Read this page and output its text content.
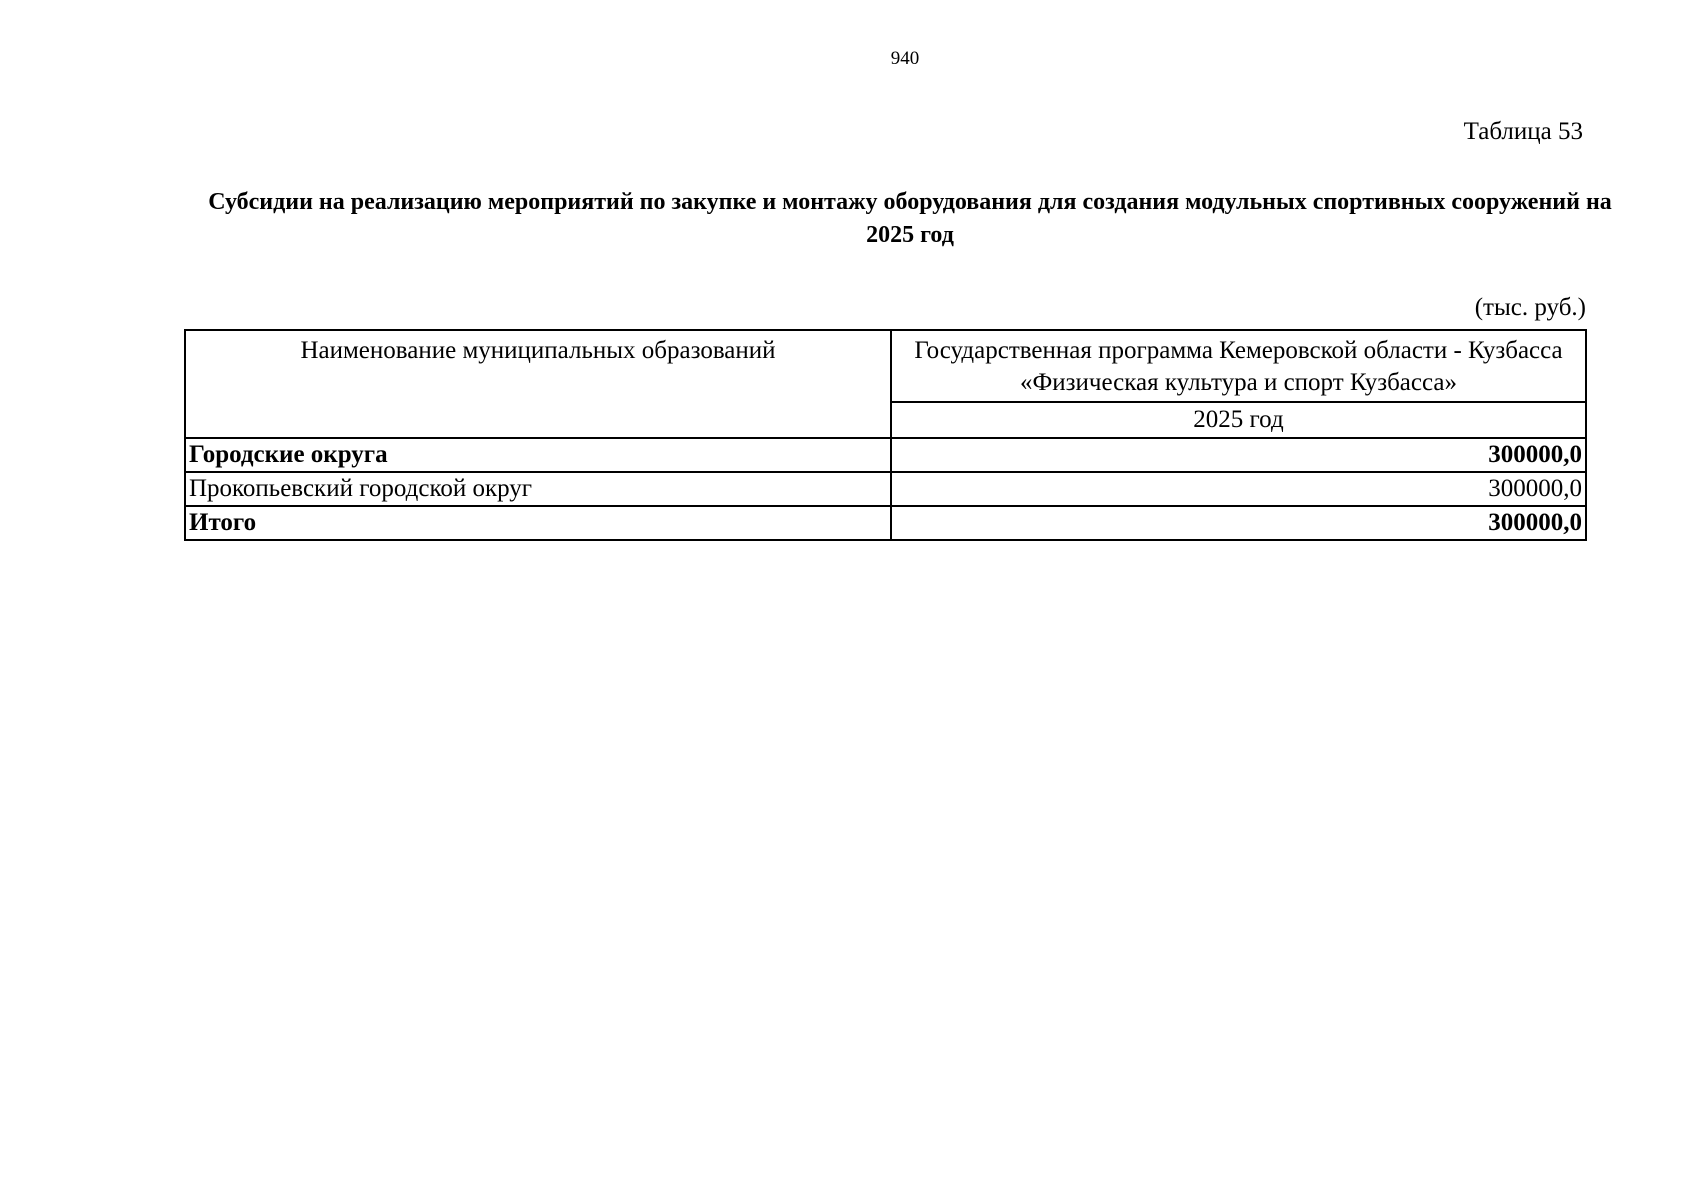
940
Таблица 53
Субсидии на реализацию мероприятий по закупке и монтажу оборудования для создания модульных спортивных сооружений на 2025 год
(тыс. руб.)
Наименование муниципальных образований	Государственная программа Кемеровской области - Кузбасса «Физическая культура и спорт Кузбасса»
	2025 год
Городские округа	300000,0
Прокопьевский городской округ	300000,0
Итого	300000,0
